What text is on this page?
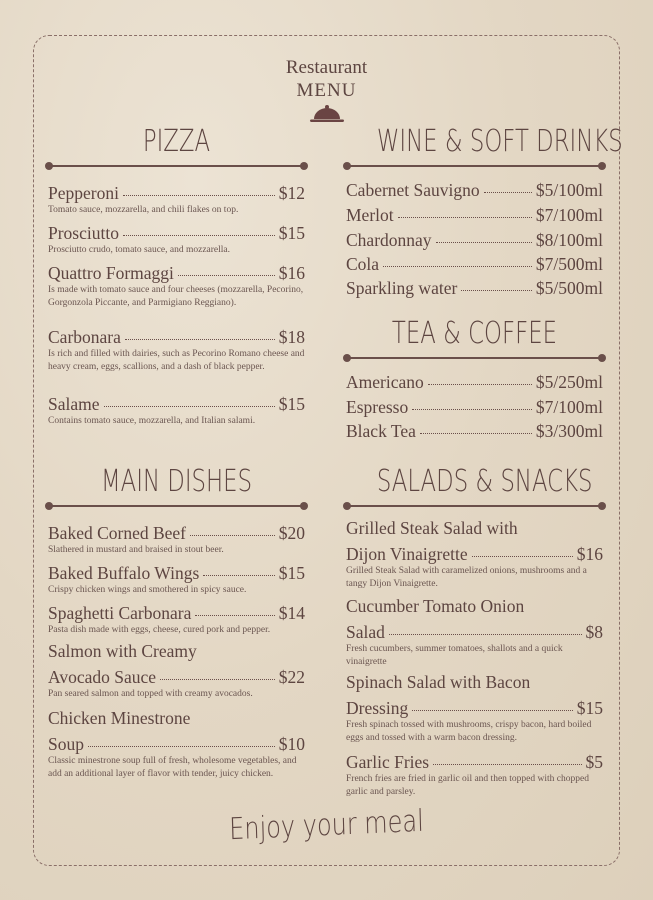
Restaurant
MENU
PIZZA
Pepperoni	$12
Tomato sauce, mozzarella, and chili flakes on top.
Prosciutto	$15
Prosciutto crudo, tomato sauce, and mozzarella.
Quattro Formaggi	$16
Is made with tomato sauce and four cheeses (mozzarella, Pecorino, Gorgonzola Piccante, and Parmigiano Reggiano).
Carbonara	$18
Is rich and filled with dairies, such as Pecorino Romano cheese and heavy cream, eggs, scallions, and a dash of black pepper.
Salame	$15
Contains tomato sauce, mozzarella, and Italian salami.
MAIN DISHES
Baked Corned Beef	$20
Slathered in mustard and braised in stout beer.
Baked Buffalo Wings	$15
Crispy chicken wings and smothered in spicy sauce.
Spaghetti Carbonara	$14
Pasta dish made with eggs, cheese, cured pork and pepper.
Salmon with Creamy
Avocado Sauce	$22
Pan seared salmon and topped with creamy avocados.
Chicken Minestrone
Soup	$10
Classic minestrone soup full of fresh, wholesome vegetables, and add an additional layer of flavor with tender, juicy chicken.
WINE & SOFT DRINKS
Cabernet Sauvigno	$5/100ml
Merlot	$7/100ml
Chardonnay	$8/100ml
Cola	$7/500ml
Sparkling water	$5/500ml
TEA & COFFEE
Americano	$5/250ml
Espresso	$7/100ml
Black Tea	$3/300ml
SALADS & SNACKS
Grilled Steak Salad with
Dijon Vinaigrette	$16
Grilled Steak Salad with caramelized onions, mushrooms and a tangy Dijon Vinaigrette.
Cucumber Tomato Onion
Salad	$8
Fresh cucumbers, summer tomatoes, shallots and a quick vinaigrette
Spinach Salad with Bacon
Dressing	$15
Fresh spinach tossed with mushrooms, crispy bacon, hard boiled eggs and tossed with a warm bacon dressing.
Garlic Fries	$5
French fries are fried in garlic oil and then topped with chopped garlic and parsley.
Enjoy your meal
